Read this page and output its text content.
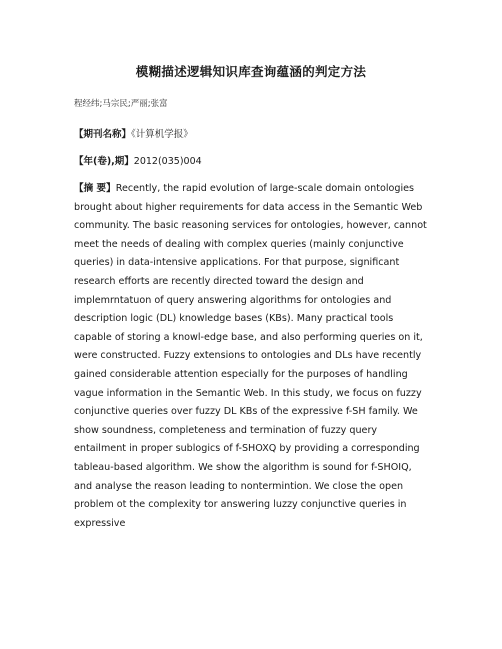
模糊描述逻辑知识库查询蕴涵的判定方法
程经纬;马宗民;严丽;张富
【期刊名称】《计算机学报》
【年(卷),期】2012(035)004
【摘 要】Recently, the rapid evolution of large-scale domain ontologies brought about higher requirements for data access in the Semantic Web community. The basic reasoning services for ontologies, however, cannot meet the needs of dealing with complex queries (mainly conjunctive queries) in data-intensive applications. For that purpose, significant research efforts are recently directed toward the design and implemrntatuon of query answering algorithms for ontologies and description logic (DL) knowledge bases (KBs). Many practical tools capable of storing a knowl-edge base, and also performing queries on it, were constructed. Fuzzy extensions to ontologies and DLs have recently gained considerable attention especially for the purposes of handling vague information in the Semantic Web. In this study, we focus on fuzzy conjunctive queries over fuzzy DL KBs of the expressive f-SH family. We show soundness, completeness and termination of fuzzy query entailment in proper sublogics of f-SHOXQ by providing a corresponding tableau-based algorithm. We show the algorithm is sound for f-SHOIQ, and analyse the reason leading to nontermintion. We close the open problem ot the complexity tor answering luzzy conjunctive queries in expressive
